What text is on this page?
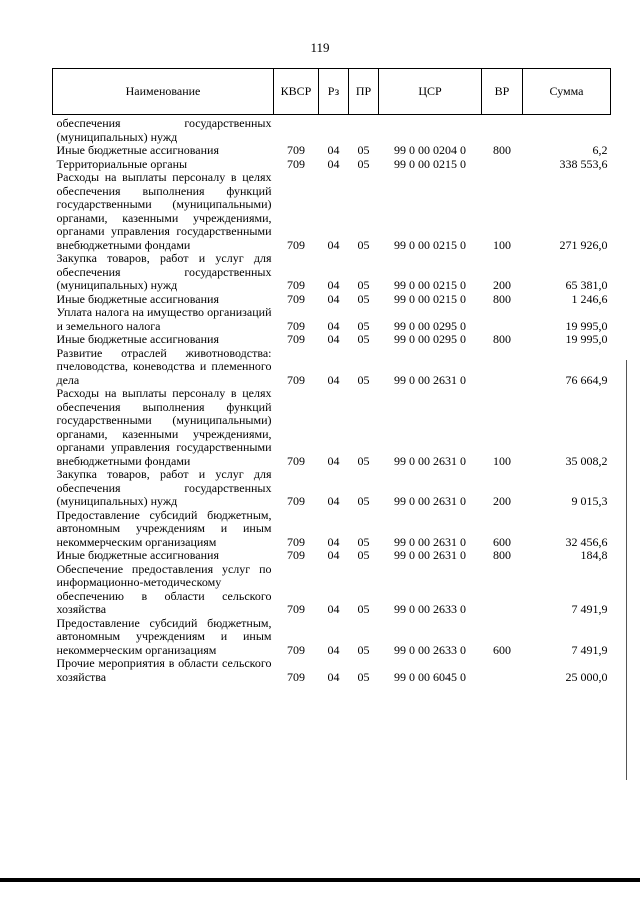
119
Наименование	КВСР	Рз	ПР	ЦСР	ВР	Сумма
обеспечения государственных (муниципальных) нужд						
Иные бюджетные ассигнования	709	04	05	99 0 00 0204 0	800	6,2
Территориальные органы	709	04	05	99 0 00 0215 0		338 553,6
Расходы на выплаты персоналу в целях обеспечения выполнения функций государственными (муниципальными) органами, казенными учреждениями, органами управления государственными внебюджетными фондами	709	04	05	99 0 00 0215 0	100	271 926,0
Закупка товаров, работ и услуг для обеспечения государственных (муниципальных) нужд	709	04	05	99 0 00 0215 0	200	65 381,0
Иные бюджетные ассигнования	709	04	05	99 0 00 0215 0	800	1 246,6
Уплата налога на имущество организаций и земельного налога	709	04	05	99 0 00 0295 0		19 995,0
Иные бюджетные ассигнования	709	04	05	99 0 00 0295 0	800	19 995,0
Развитие отраслей животноводства: пчеловодства, коневодства и племенного дела	709	04	05	99 0 00 2631 0		76 664,9
Расходы на выплаты персоналу в целях обеспечения выполнения функций государственными (муниципальными) органами, казенными учреждениями, органами управления государственными внебюджетными фондами	709	04	05	99 0 00 2631 0	100	35 008,2
Закупка товаров, работ и услуг для обеспечения государственных (муниципальных) нужд	709	04	05	99 0 00 2631 0	200	9 015,3
Предоставление субсидий бюджетным, автономным учреждениям и иным некоммерческим организациям	709	04	05	99 0 00 2631 0	600	32 456,6
Иные бюджетные ассигнования	709	04	05	99 0 00 2631 0	800	184,8
Обеспечение предоставления услуг по информационно-методическому обеспечению в области сельского хозяйства	709	04	05	99 0 00 2633 0		7 491,9
Предоставление субсидий бюджетным, автономным учреждениям и иным некоммерческим организациям	709	04	05	99 0 00 2633 0	600	7 491,9
Прочие мероприятия в области сельского хозяйства	709	04	05	99 0 00 6045 0		25 000,0
